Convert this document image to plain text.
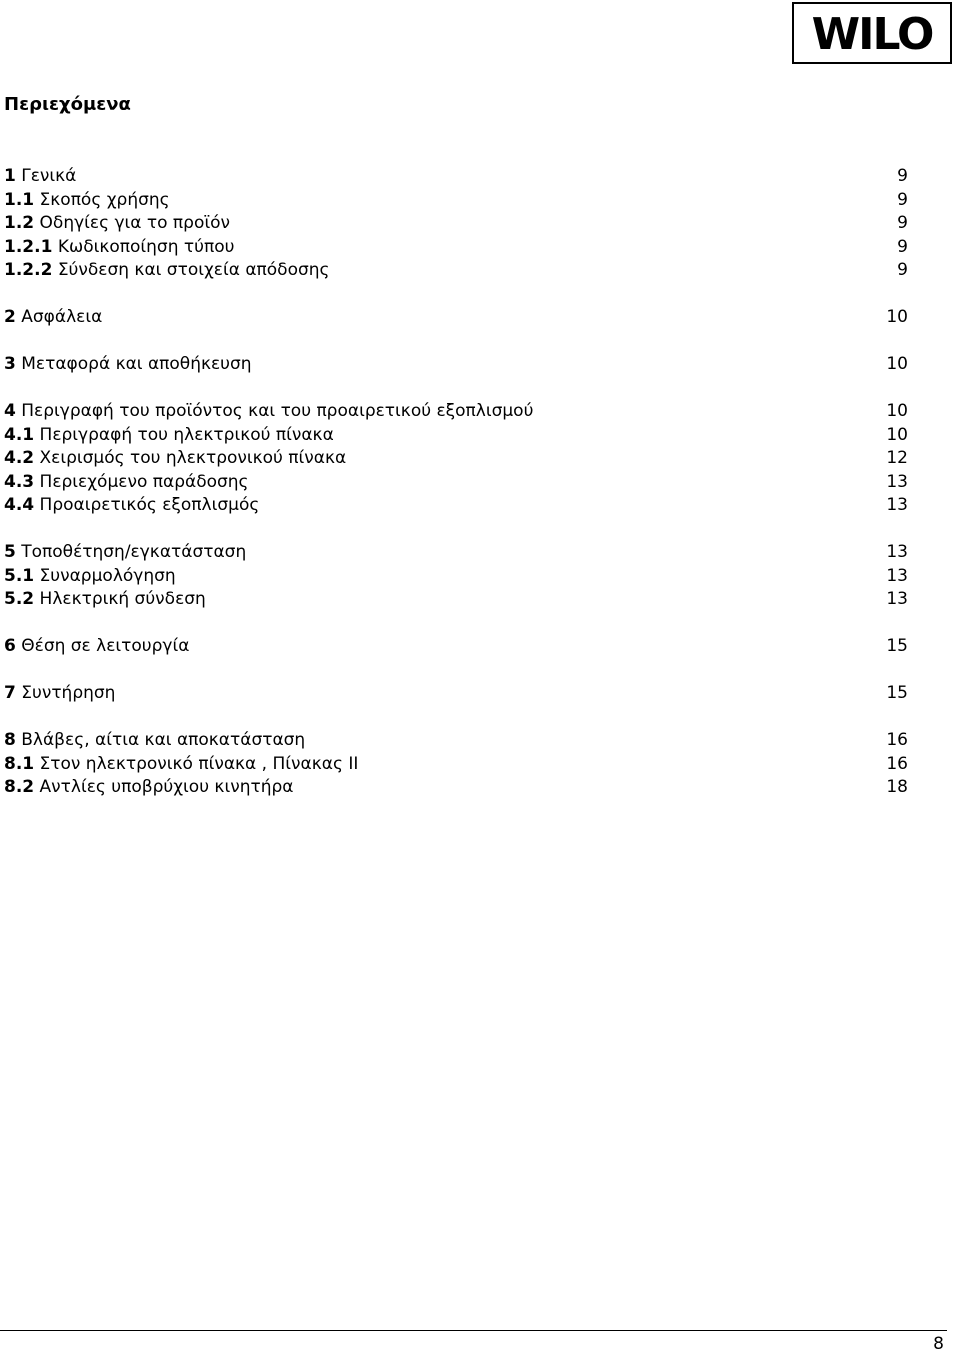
WILO
Περιεχόμενα
1 Γενικά	9
1.1 Σκοπός χρήσης	9
1.2 Οδηγίες για το προϊόν	9
1.2.1 Κωδικοποίηση τύπου	9
1.2.2 Σύνδεση και στοιχεία απόδοσης	9
2 Ασφάλεια	10
3 Μεταφορά και αποθήκευση	10
4 Περιγραφή του προϊόντος και του προαιρετικού εξοπλισμού	10
4.1 Περιγραφή του ηλεκτρικού πίνακα	10
4.2 Χειρισμός του ηλεκτρονικού πίνακα	12
4.3 Περιεχόμενο παράδοσης	13
4.4 Προαιρετικός εξοπλισμός	13
5 Τοποθέτηση/εγκατάσταση	13
5.1 Συναρμολόγηση	13
5.2 Ηλεκτρική σύνδεση	13
6 Θέση σε λειτουργία	15
7 Συντήρηση	15
8 Βλάβες, αίτια και αποκατάσταση	16
8.1 Στον ηλεκτρονικό πίνακα , Πίνακας II	16
8.2 Αντλίες υποβρύχιου κινητήρα	18
8
